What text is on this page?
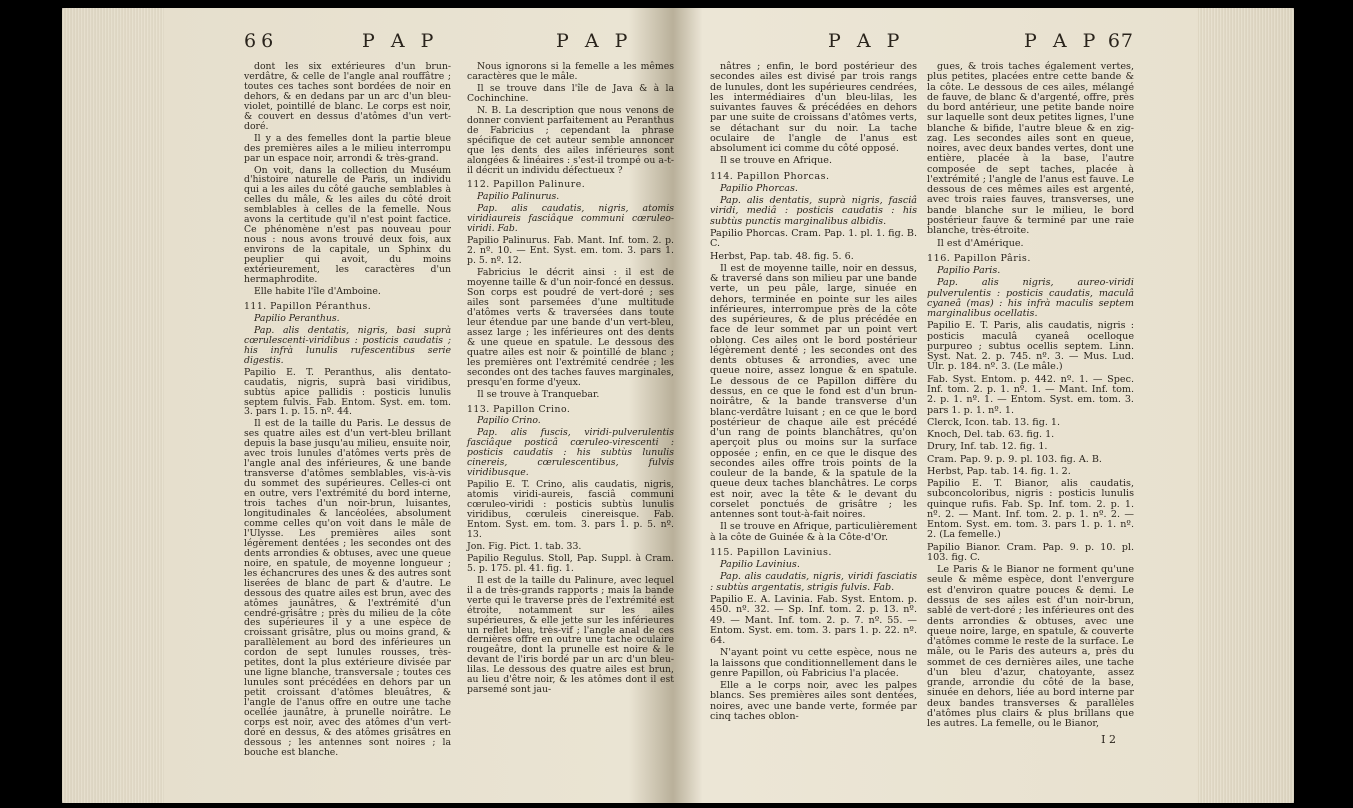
66	P A P	P A P

dont les six extérieures d'un brun-verdâtre, & celle de l'angle anal rouffâtre ; toutes ces taches sont bordées de noir en dehors, & en dedans par un arc d'un bleu-violet, pointillé de blanc. Le corps est noir, & couvert en dessus d'atômes d'un vert-doré.

Il y a des femelles dont la partie bleue des premières ailes a le milieu interrompu par un espace noir, arrondi & très-grand.

On voit, dans la collection du Muséum d'histoire naturelle de Paris, un individu qui a les ailes du côté gauche semblables à celles du mâle, & les ailes du côté droit semblables à celles de la femelle. Nous avons la certitude qu'il n'est point factice. Ce phénomène n'est pas nouveau pour nous : nous avons trouvé deux fois, aux environs de la capitale, un Sphinx du peuplier qui avoit, du moins extérieurement, les caractères d'un hermaphrodite.

Elle habite l'île d'Amboine.

111. Papillon Péranthus.

Papilio Peranthus.

Pap. alis dentatis, nigris, basi suprà cœrulescenti-viridibus : posticis caudatis ; his infrà lunulis rufescentibus serie digestis.

Papilio E. T. Peranthus, alis dentato-caudatis, nigris, suprà basi viridibus, subtùs apice pallidis : posticis lunulis septem fulvis. Fab. Entom. Syst. em. tom. 3. pars 1. p. 15. nº. 44.

Il est de la taille du Paris. Le dessus de ses quatre ailes est d'un vert-bleu brillant depuis la base jusqu'au milieu, ensuite noir, avec trois lunules d'atômes verts près de l'angle anal des inférieures, & une bande transverse d'atômes semblables, vis-à-vis du sommet des supérieures. Celles-ci ont en outre, vers l'extrémité du bord interne, trois taches d'un noir-brun, luisantes, longitudinales & lancéolées, absolument comme celles qu'on voit dans le mâle de l'Ulysse. Les premières ailes sont légèrement dentées ; les secondes ont des dents arrondies & obtuses, avec une queue noire, en spatule, de moyenne longueur ; les échancrures des unes & des autres sont liserées de blanc de part & d'autre. Le dessous des quatre ailes est brun, avec des atômes jaunâtres, & l'extrémité d'un cendré-grisâtre ; près du milieu de la côte des supérieures il y a une espèce de croissant grisâtre, plus ou moins grand, & parallèlement au bord des inférieures un cordon de sept lunules rousses, très-petites, dont la plus extérieure divisée par une ligne blanche, transversale ; toutes ces lunules sont précédées en dehors par un petit croissant d'atômes bleuâtres, & l'angle de l'anus offre en outre une tache ocellée jaunâtre, à prunelle noirâtre. Le corps est noir, avec des atômes d'un vert-doré en dessus, & des atômes grisâtres en dessous ; les antennes sont noires ; la bouche est blanche.

Nous ignorons si la femelle a les mêmes caractères que le mâle.

Il se trouve dans l'île de Java & à la Cochinchine.

N. B. La description que nous venons de donner convient parfaitement au Peranthus de Fabricius ; cependant la phrase spécifique de cet auteur semble annoncer que les dents des ailes inférieures sont alongées & linéaires : s'est-il trompé ou a-t-il décrit un individu défectueux ?

112. Papillon Palinure.

Papilio Palinurus.

Pap. alis caudatis, nigris, atomis viridiaureis fasciâque communi cœruleo-viridi. Fab.

Papilio Palinurus. Fab. Mant. Inf. tom. 2. p. 2. nº. 10. — Ent. Syst. em. tom. 3. pars 1. p. 5. nº. 12.

Fabricius le décrit ainsi : il est de moyenne taille & d'un noir-foncé en dessus. Son corps est poudré de vert-doré ; ses ailes sont parsemées d'une multitude d'atômes verts & traversées dans toute leur étendue par une bande d'un vert-bleu, assez large ; les inférieures ont des dents & une queue en spatule. Le dessous des quatre ailes est noir & pointillé de blanc ; les premières ont l'extrémité cendrée ; les secondes ont des taches fauves marginales, presqu'en forme d'yeux.

Il se trouve à Tranquebar.

113. Papillon Crino.

Papilio Crino.

Pap. alis fuscis, viridi-pulverulentis fasciâque posticâ cœruleo-virescenti : posticis caudatis : his subtùs lunulis cinereis, cœrulescentibus, fulvis viridibusque.

Papilio E. T. Crino, alis caudatis, nigris, atomis viridi-aureis, fasciâ communi cœruleo-viridi : posticis subtùs lunulis viridibus, cœruleis cinereisque. Fab. Entom. Syst. em. tom. 3. pars 1. p. 5. nº. 13.

Jon. Fig. Pict. 1. tab. 33.

Papilio Regulus. Stoll, Pap. Suppl. à Cram. 5. p. 175. pl. 41. fig. 1.

Il est de la taille du Palinure, avec lequel il a de très-grands rapports ; mais la bande verte qui le traverse près de l'extrémité est étroite, notamment sur les ailes supérieures, & elle jette sur les inférieures un reflet bleu, très-vif ; l'angle anal de ces dernières offre en outre une tache oculaire rougeâtre, dont la prunelle est noire & le devant de l'iris bordé par un arc d'un bleu-lilas. Le dessous des quatre ailes est brun, au lieu d'être noir, & les atômes dont il est parsemé sont jau-

P A P	P A P 67

nâtres ; enfin, le bord postérieur des secondes ailes est divisé par trois rangs de lunules, dont les supérieures cendrées, les intermédiaires d'un bleu-lilas, les suivantes fauves & précédées en dehors par une suite de croissans d'atômes verts, se détachant sur du noir. La tache oculaire de l'angle de l'anus est absolument ici comme du côté opposé.

Il se trouve en Afrique.

114. Papillon Phorcas.

Papilio Phorcas.

Pap. alis dentatis, suprà nigris, fasciâ viridi, mediâ : posticis caudatis : his subtùs punctis marginalibus albidis.

Papilio Phorcas. Cram. Pap. 1. pl. 1. fig. B. C.

Herbst, Pap. tab. 48. fig. 5. 6.

Il est de moyenne taille, noir en dessus, & traversé dans son milieu par une bande verte, un peu pâle, large, sinuée en dehors, terminée en pointe sur les ailes inférieures, interrompue près de la côte des supérieures, & de plus précédée en face de leur sommet par un point vert oblong. Ces ailes ont le bord postérieur légèrement denté ; les secondes ont des dents obtuses & arrondies, avec une queue noire, assez longue & en spatule. Le dessous de ce Papillon diffère du dessus, en ce que le fond est d'un brun-noirâtre, & la bande transverse d'un blanc-verdâtre luisant ; en ce que le bord postérieur de chaque aile est précédé d'un rang de points blanchâtres, qu'on aperçoit plus ou moins sur la surface opposée ; enfin, en ce que le disque des secondes ailes offre trois points de la couleur de la bande, & la spatule de la queue deux taches blanchâtres. Le corps est noir, avec la tête & le devant du corselet ponctués de grisâtre ; les antennes sont tout-à-fait noires.

Il se trouve en Afrique, particulièrement à la côte de Guinée & à la Côte-d'Or.

115. Papillon Lavinius.

Papilio Lavinius.

Pap. alis caudatis, nigris, viridi fasciatis : subtùs argentatis, strigis fulvis. Fab.

Papilio E. A. Lavinia. Fab. Syst. Entom. p. 450. nº. 32. — Sp. Inf. tom. 2. p. 13. nº. 49. — Mant. Inf. tom. 2. p. 7. nº. 55. — Entom. Syst. em. tom. 3. pars 1. p. 22. nº. 64.

N'ayant point vu cette espèce, nous ne la laissons que conditionnellement dans le genre Papillon, où Fabricius l'a placée.

Elle a le corps noir, avec les palpes blancs. Ses premières ailes sont dentées, noires, avec une bande verte, formée par cinq taches oblon-

gues, & trois taches également vertes, plus petites, placées entre cette bande & la côte. Le dessous de ces ailes, mélangé de fauve, de blanc & d'argenté, offre, près du bord antérieur, une petite bande noire sur laquelle sont deux petites lignes, l'une blanche & bifide, l'autre bleue & en zig-zag. Les secondes ailes sont en queue, noires, avec deux bandes vertes, dont une entière, placée à la base, l'autre composée de sept taches, placée à l'extrémité ; l'angle de l'anus est fauve. Le dessous de ces mêmes ailes est argenté, avec trois raies fauves, transverses, une bande blanche sur le milieu, le bord postérieur fauve & terminé par une raie blanche, très-étroite.

Il est d'Amérique.

116. Papillon Pâris.

Papilio Paris.

Pap. alis nigris, aureo-viridi pulverulentis : posticis caudatis, maculâ cyaneâ (mas) : his infrà maculis septem marginalibus ocellatis.

Papilio E. T. Paris, alis caudatis, nigris : posticis maculâ cyaneâ ocelloque purpureo ; subtus ocellis septem. Linn. Syst. Nat. 2. p. 745. nº. 3. — Mus. Lud. Ulr. p. 184. nº. 3. (Le mâle.)

Fab. Syst. Entom. p. 442. nº. 1. — Spec. Inf. tom. 2. p. 1. nº. 1. — Mant. Inf. tom. 2. p. 1. nº. 1. — Entom. Syst. em. tom. 3. pars 1. p. 1. nº. 1.

Clerck, Icon. tab. 13. fig. 1.

Knoch, Del. tab. 63. fig. 1.

Drury, Inf. tab. 12. fig. 1.

Cram. Pap. 9. p. 9. pl. 103. fig. A. B.

Herbst, Pap. tab. 14. fig. 1. 2.

Papilio E. T. Bianor, alis caudatis, subconcoloribus, nigris : posticis lunulis quinque rufis. Fab. Sp. Inf. tom. 2. p. 1. nº. 2. — Mant. Inf. tom. 2. p. 1. nº. 2. — Entom. Syst. em. tom. 3. pars 1. p. 1. nº. 2. (La femelle.)

Papilio Bianor. Cram. Pap. 9. p. 10. pl. 103. fig. C.

Le Paris & le Bianor ne forment qu'une seule & même espèce, dont l'envergure est d'environ quatre pouces & demi. Le dessus de ses ailes est d'un noir-brun, sablé de vert-doré ; les inférieures ont des dents arrondies & obtuses, avec une queue noire, large, en spatule, & couverte d'atômes comme le reste de la surface. Le mâle, ou le Paris des auteurs a, près du sommet de ces dernières ailes, une tache d'un bleu d'azur, chatoyante, assez grande, arrondie du côté de la base, sinuée en dehors, liée au bord interne par deux bandes transverses & parallèles d'atômes plus clairs & plus brillans que les autres. La femelle, ou le Bianor,

I 2
